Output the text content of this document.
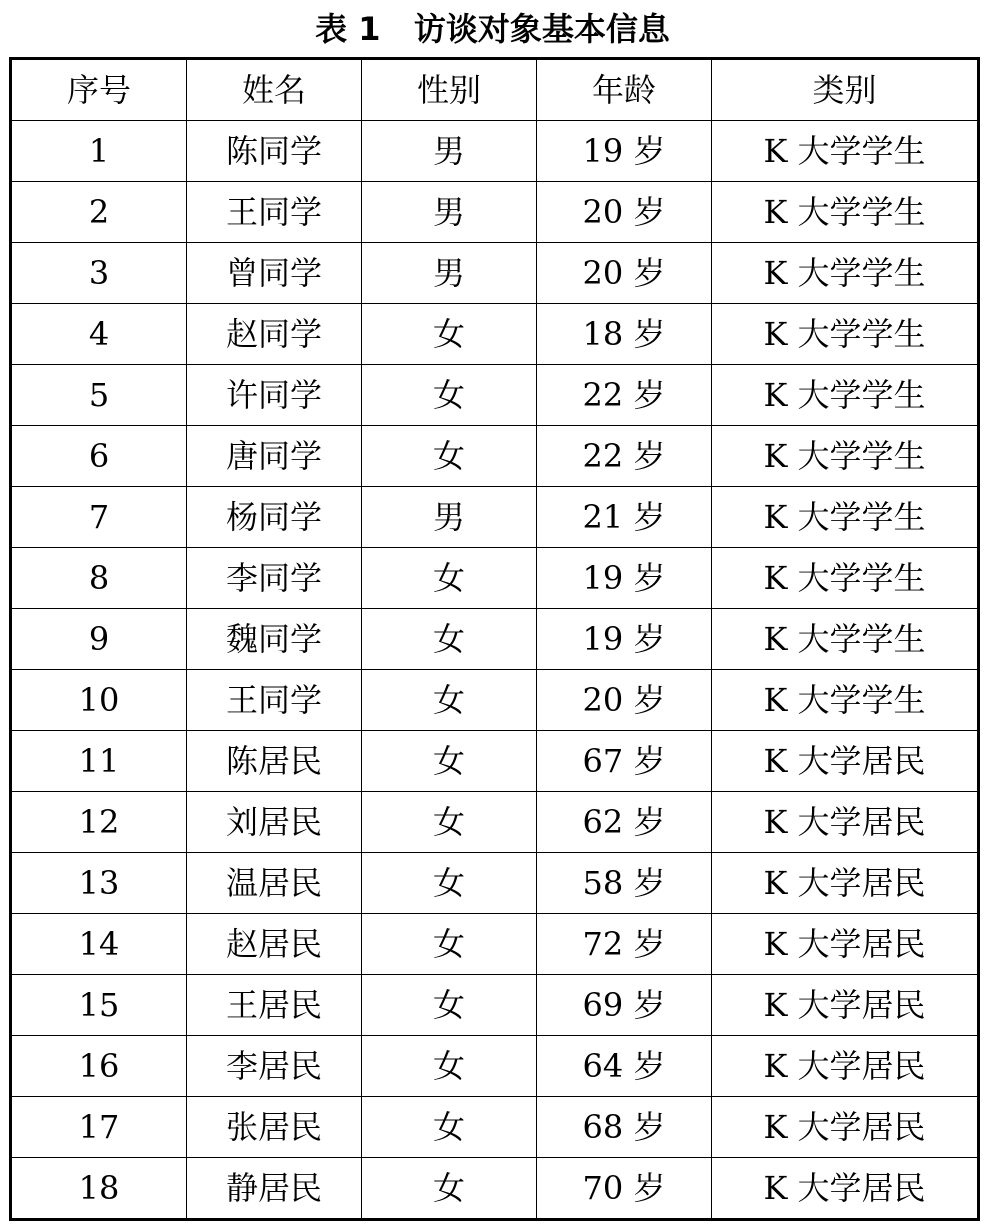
表 1   访谈对象基本信息
序号	姓名	性别	年龄	类别
1	陈同学	男	19 岁	K 大学学生
2	王同学	男	20 岁	K 大学学生
3	曾同学	男	20 岁	K 大学学生
4	赵同学	女	18 岁	K 大学学生
5	许同学	女	22 岁	K 大学学生
6	唐同学	女	22 岁	K 大学学生
7	杨同学	男	21 岁	K 大学学生
8	李同学	女	19 岁	K 大学学生
9	魏同学	女	19 岁	K 大学学生
10	王同学	女	20 岁	K 大学学生
11	陈居民	女	67 岁	K 大学居民
12	刘居民	女	62 岁	K 大学居民
13	温居民	女	58 岁	K 大学居民
14	赵居民	女	72 岁	K 大学居民
15	王居民	女	69 岁	K 大学居民
16	李居民	女	64 岁	K 大学居民
17	张居民	女	68 岁	K 大学居民
18	静居民	女	70 岁	K 大学居民
